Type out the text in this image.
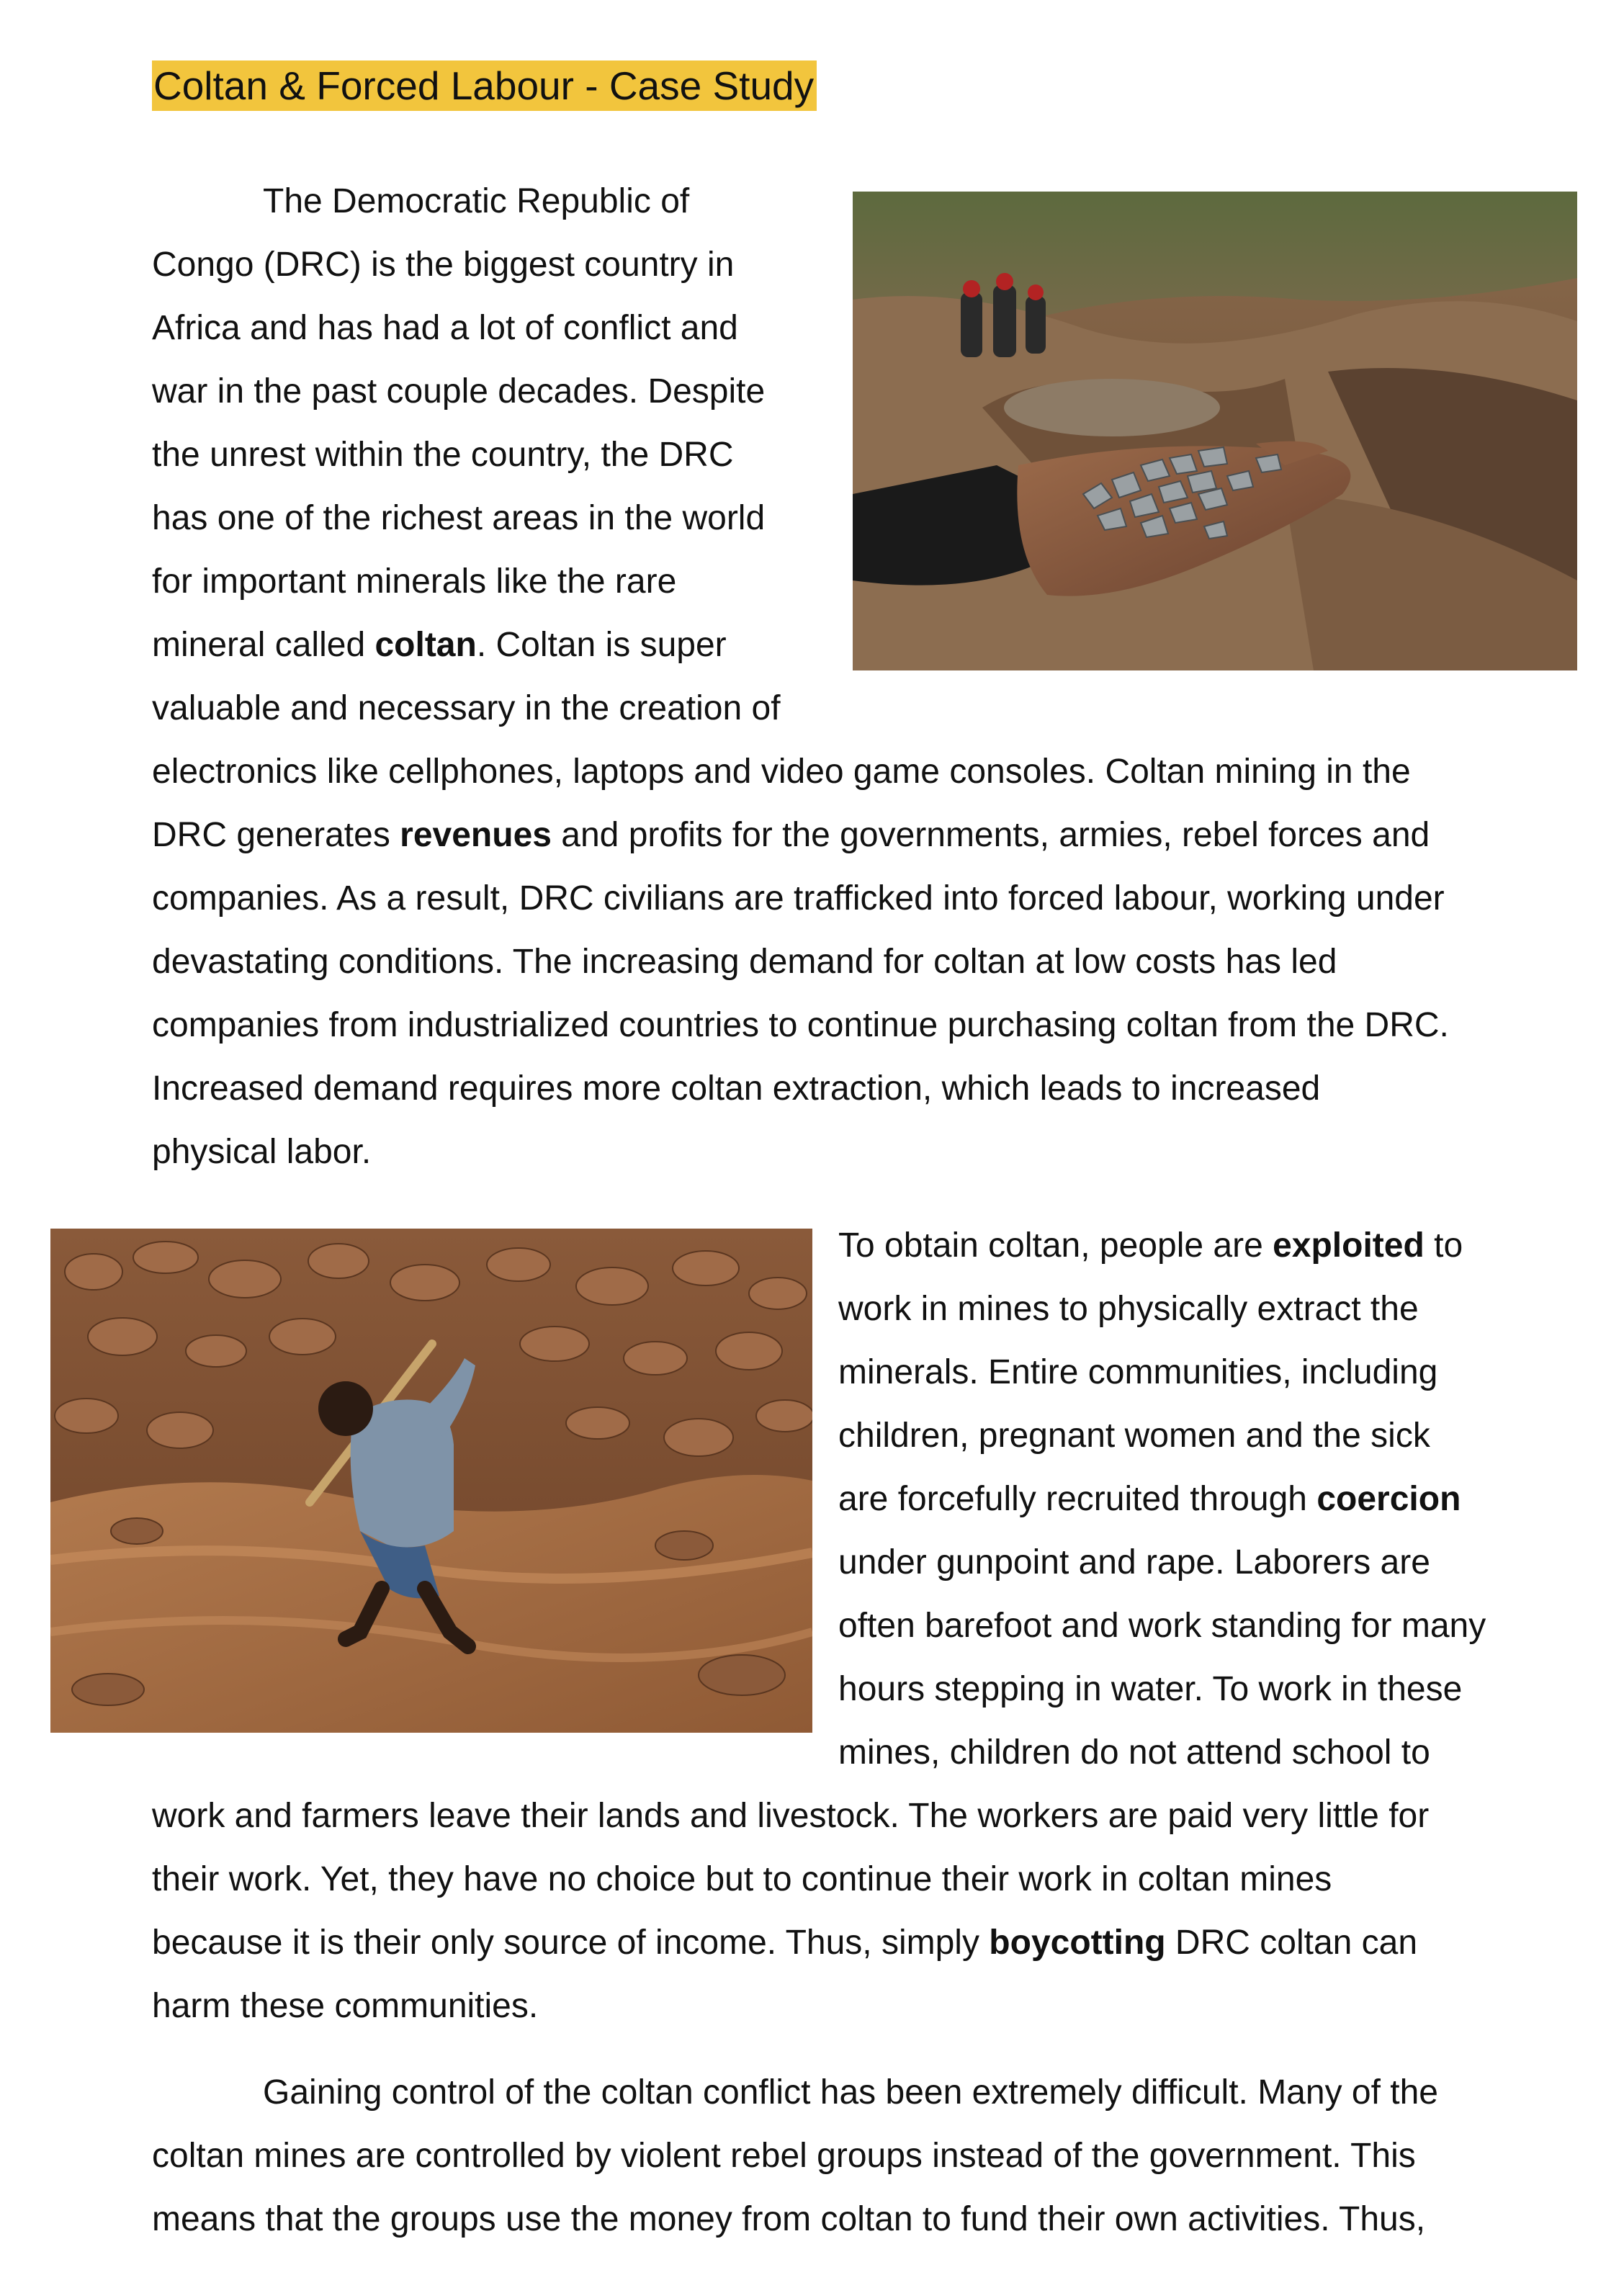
Coltan & Forced Labour - Case Study
The Democratic Republic of
Congo (DRC) is the biggest country in
Africa and has had a lot of conflict and
war in the past couple decades. Despite
the unrest within the country, the DRC
has one of the richest areas in the world
for important minerals like the rare
mineral called coltan. Coltan is super
valuable and necessary in the creation of
electronics like cellphones, laptops and video game consoles. Coltan mining in the
DRC generates revenues and profits for the governments, armies, rebel forces and
companies. As a result, DRC civilians are trafficked into forced labour, working under
devastating conditions. The increasing demand for coltan at low costs has led
companies from industrialized countries to continue purchasing coltan from the DRC.
Increased demand requires more coltan extraction, which leads to increased
physical labor.
To obtain coltan, people are exploited to
work in mines to physically extract the
minerals. Entire communities, including
children, pregnant women and the sick
are forcefully recruited through coercion
under gunpoint and rape. Laborers are
often barefoot and work standing for many
hours stepping in water. To work in these
mines, children do not attend school to
work and farmers leave their lands and livestock. The workers are paid very little for
their work. Yet, they have no choice but to continue their work in coltan mines
because it is their only source of income. Thus, simply boycotting DRC coltan can
harm these communities.
Gaining control of the coltan conflict has been extremely difficult. Many of the
coltan mines are controlled by violent rebel groups instead of the government. This
means that the groups use the money from coltan to fund their own activities. Thus,
